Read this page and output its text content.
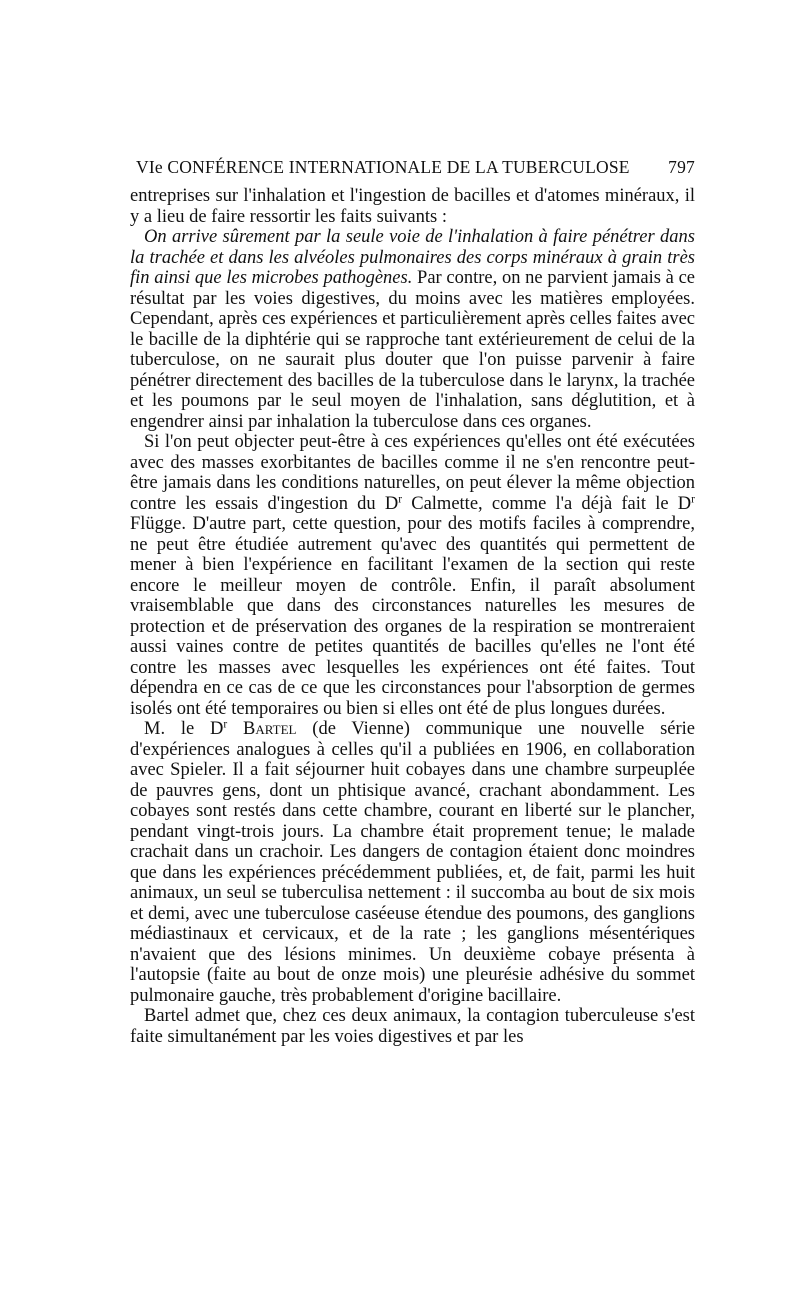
VIe CONFÉRENCE INTERNATIONALE DE LA TUBERCULOSE 797

entreprises sur l'inhalation et l'ingestion de bacilles et d'atomes minéraux, il y a lieu de faire ressortir les faits suivants :

On arrive sûrement par la seule voie de l'inhalation à faire pénétrer dans la trachée et dans les alvéoles pulmonaires des corps minéraux à grain très fin ainsi que les microbes pathogènes. Par contre, on ne parvient jamais à ce résultat par les voies digestives, du moins avec les matières employées. Cependant, après ces expériences et particulièrement après celles faites avec le bacille de la diphtérie qui se rapproche tant extérieurement de celui de la tuberculose, on ne saurait plus douter que l'on puisse parvenir à faire pénétrer directement des bacilles de la tuberculose dans le larynx, la trachée et les poumons par le seul moyen de l'inhalation, sans déglutition, et à engendrer ainsi par inhalation la tuberculose dans ces organes.

Si l'on peut objecter peut-être à ces expériences qu'elles ont été exécutées avec des masses exorbitantes de bacilles comme il ne s'en rencontre peut-être jamais dans les conditions naturelles, on peut élever la même objection contre les essais d'ingestion du $D^r$ Calmette, comme l'a déjà fait le $D^r$ Flügge. D'autre part, cette question, pour des motifs faciles à comprendre, ne peut être étudiée autrement qu'avec des quantités qui permettent de mener à bien l'expérience en facilitant l'examen de la section qui reste encore le meilleur moyen de contrôle. Enfin, il paraît absolument vraisemblable que dans des circonstances naturelles les mesures de protection et de préservation des organes de la respiration se montreraient aussi vaines contre de petites quantités de bacilles qu'elles ne l'ont été contre les masses avec lesquelles les expériences ont été faites. Tout dépendra en ce cas de ce que les circonstances pour l'absorption de germes isolés ont été temporaires ou bien si elles ont été de plus longues durées.

M. le $D^r$ Bartel (de Vienne) communique une nouvelle série d'expériences analogues à celles qu'il a publiées en 1906, en collaboration avec Spieler. Il a fait séjourner huit cobayes dans une chambre surpeuplée de pauvres gens, dont un phtisique avancé, crachant abondamment. Les cobayes sont restés dans cette chambre, courant en liberté sur le plancher, pendant vingt-trois jours. La chambre était proprement tenue; le malade crachait dans un crachoir. Les dangers de contagion étaient donc moindres que dans les expériences précédemment publiées, et, de fait, parmi les huit animaux, un seul se tuberculisa nettement : il succomba au bout de six mois et demi, avec une tuberculose caséeuse étendue des poumons, des ganglions médiastinaux et cervicaux, et de la rate ; les ganglions mésentériques n'avaient que des lésions minimes. Un deuxième cobaye présenta à l'autopsie (faite au bout de onze mois) une pleurésie adhésive du sommet pulmonaire gauche, très probablement d'origine bacillaire.

Bartel admet que, chez ces deux animaux, la contagion tuberculeuse s'est faite simultanément par les voies digestives et par les
